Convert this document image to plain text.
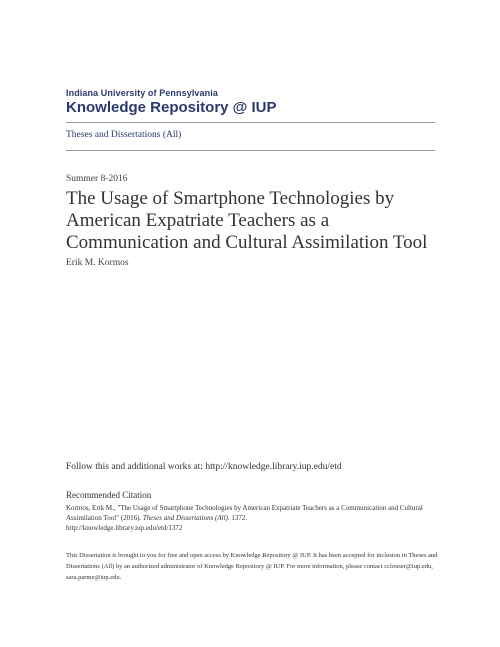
Indiana University of Pennsylvania
Knowledge Repository @ IUP
Theses and Dissertations (All)
Summer 8-2016
The Usage of Smartphone Technologies by American Expatriate Teachers as a Communication and Cultural Assimilation Tool
Erik M. Kormos
Follow this and additional works at: http://knowledge.library.iup.edu/etd
Recommended Citation
Kormos, Erik M., "The Usage of Smartphone Technologies by American Expatriate Teachers as a Communication and Cultural Assimilation Tool" (2016). Theses and Dissertations (All). 1372.
http://knowledge.library.iup.edu/etd/1372
This Dissertation is brought to you for free and open access by Knowledge Repository @ IUP. It has been accepted for inclusion in Theses and Dissertations (All) by an authorized administrator of Knowledge Repository @ IUP. For more information, please contact cclouser@iup.edu, sara.parme@iup.edu.
